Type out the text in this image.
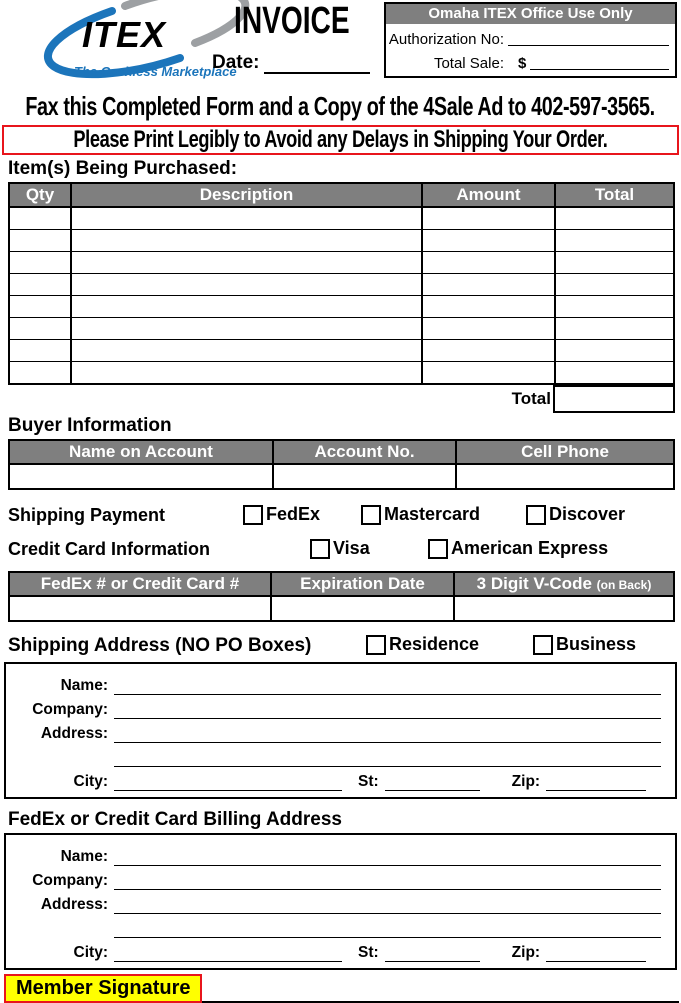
ITEX
The Cashless Marketplace
INVOICE
Date:
Omaha ITEX Office Use Only
Authorization No:
Total Sale: $
Fax this Completed Form and a Copy of the 4Sale Ad to 402-597-3565.
Please Print Legibly to Avoid any Delays in Shipping Your Order.
Item(s) Being Purchased:
Qty	Description	Amount	Total

Total
Buyer Information
Name on Account	Account No.	Cell Phone

Shipping Payment	FedEx	Mastercard	Discover
Credit Card Information	Visa	American Express
FedEx # or Credit Card #	Expiration Date	3 Digit V-Code (on Back)

Shipping Address (NO PO Boxes)	Residence	Business
Name:
Company:
Address:
City:	St:	Zip:
FedEx or Credit Card Billing Address
Name:
Company:
Address:
City:	St:	Zip:
Member Signature
